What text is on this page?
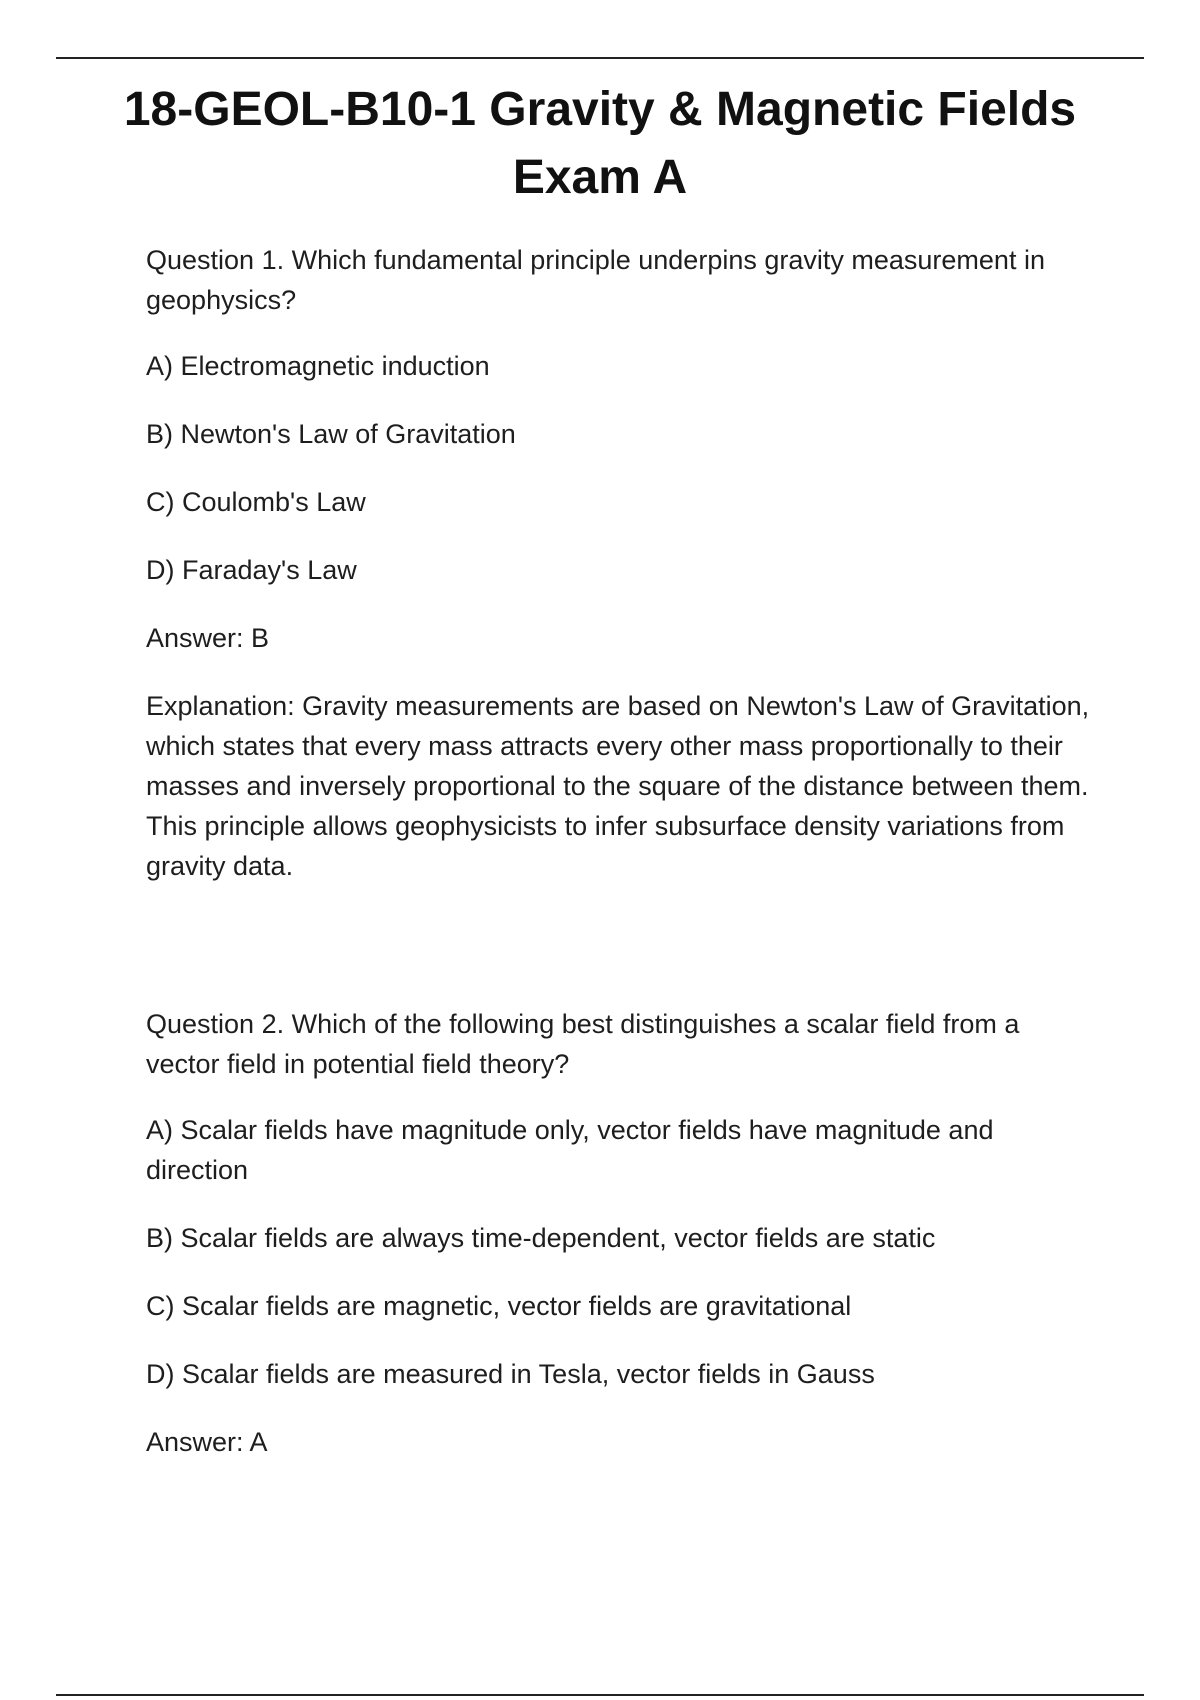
18-GEOL-B10-1 Gravity & Magnetic Fields Exam A

Question 1. Which fundamental principle underpins gravity measurement in geophysics?

A) Electromagnetic induction

B) Newton's Law of Gravitation

C) Coulomb's Law

D) Faraday's Law

Answer: B

Explanation: Gravity measurements are based on Newton's Law of Gravitation, which states that every mass attracts every other mass proportionally to their masses and inversely proportional to the square of the distance between them. This principle allows geophysicists to infer subsurface density variations from gravity data.

Question 2. Which of the following best distinguishes a scalar field from a vector field in potential field theory?

A) Scalar fields have magnitude only, vector fields have magnitude and direction

B) Scalar fields are always time-dependent, vector fields are static

C) Scalar fields are magnetic, vector fields are gravitational

D) Scalar fields are measured in Tesla, vector fields in Gauss

Answer: A
